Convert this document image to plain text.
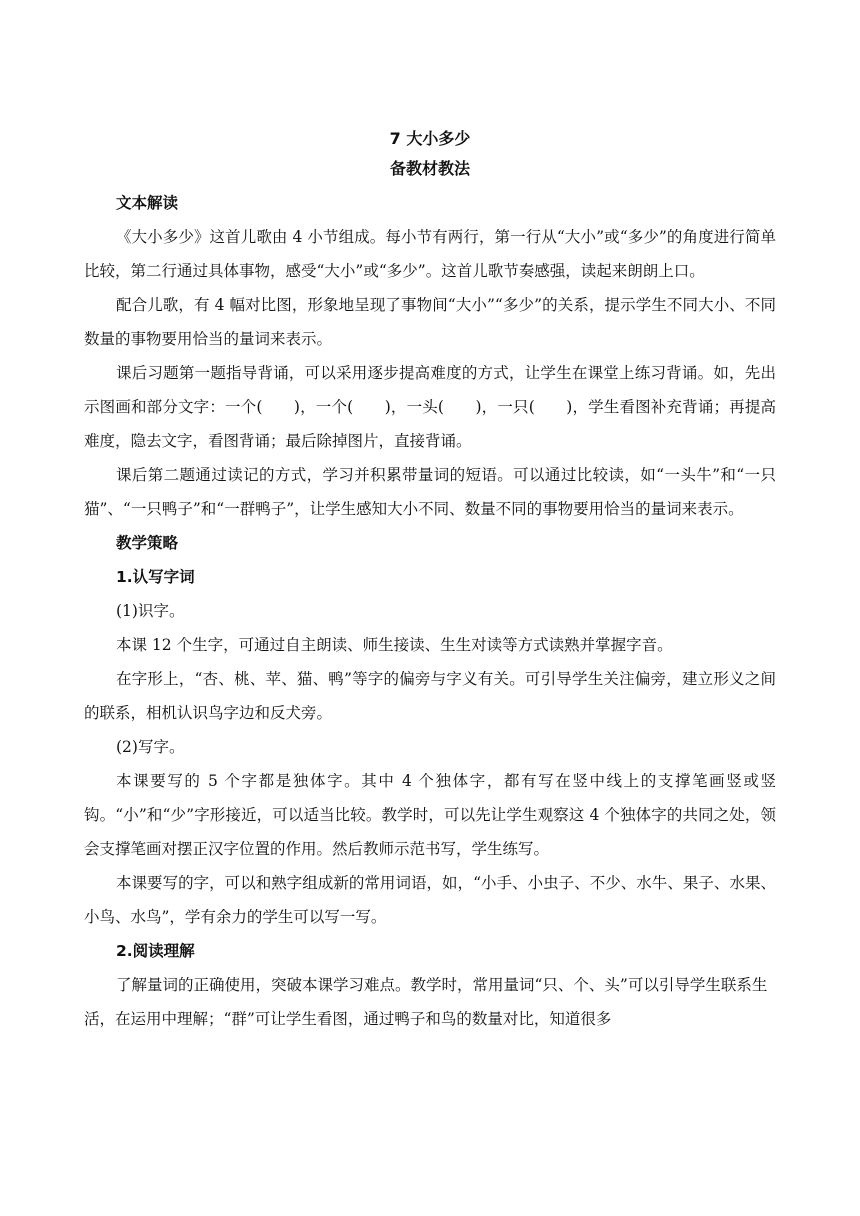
7 大小多少
备教材教法
文本解读

《大小多少》这首儿歌由 4 小节组成。每小节有两行，第一行从“大小”或“多少”的角度进行简单比较，第二行通过具体事物，感受“大小”或“多少”。这首儿歌节奏感强，读起来朗朗上口。

配合儿歌，有 4 幅对比图，形象地呈现了事物间“大小”“多少”的关系，提示学生不同大小、不同数量的事物要用恰当的量词来表示。

课后习题第一题指导背诵，可以采用逐步提高难度的方式，让学生在课堂上练习背诵。如，先出示图画和部分文字：一个(　　)，一个(　　)，一头(　　)，一只(　　)，学生看图补充背诵；再提高难度，隐去文字，看图背诵；最后除掉图片，直接背诵。

课后第二题通过读记的方式，学习并积累带量词的短语。可以通过比较读，如“一头牛”和“一只猫”、“一只鸭子”和“一群鸭子”，让学生感知大小不同、数量不同的事物要用恰当的量词来表示。

教学策略
1.认写字词
(1)识字。

本课 12 个生字，可通过自主朗读、师生接读、生生对读等方式读熟并掌握字音。

在字形上，“杏、桃、苹、猫、鸭”等字的偏旁与字义有关。可引导学生关注偏旁，建立形义之间的联系，相机认识鸟字边和反犬旁。

(2)写字。

本课要写的 5 个字都是独体字。其中 4 个独体字，都有写在竖中线上的支撑笔画竖或竖钩。“小”和“少”字形接近，可以适当比较。教学时，可以先让学生观察这 4 个独体字的共同之处，领会支撑笔画对摆正汉字位置的作用。然后教师示范书写，学生练写。

本课要写的字，可以和熟字组成新的常用词语，如，“小手、小虫子、不少、水牛、果子、水果、小鸟、水鸟”，学有余力的学生可以写一写。

2.阅读理解

了解量词的正确使用，突破本课学习难点。教学时，常用量词“只、个、头”可以引导学生联系生活，在运用中理解；“群”可让学生看图，通过鸭子和鸟的数量对比，知道很多
